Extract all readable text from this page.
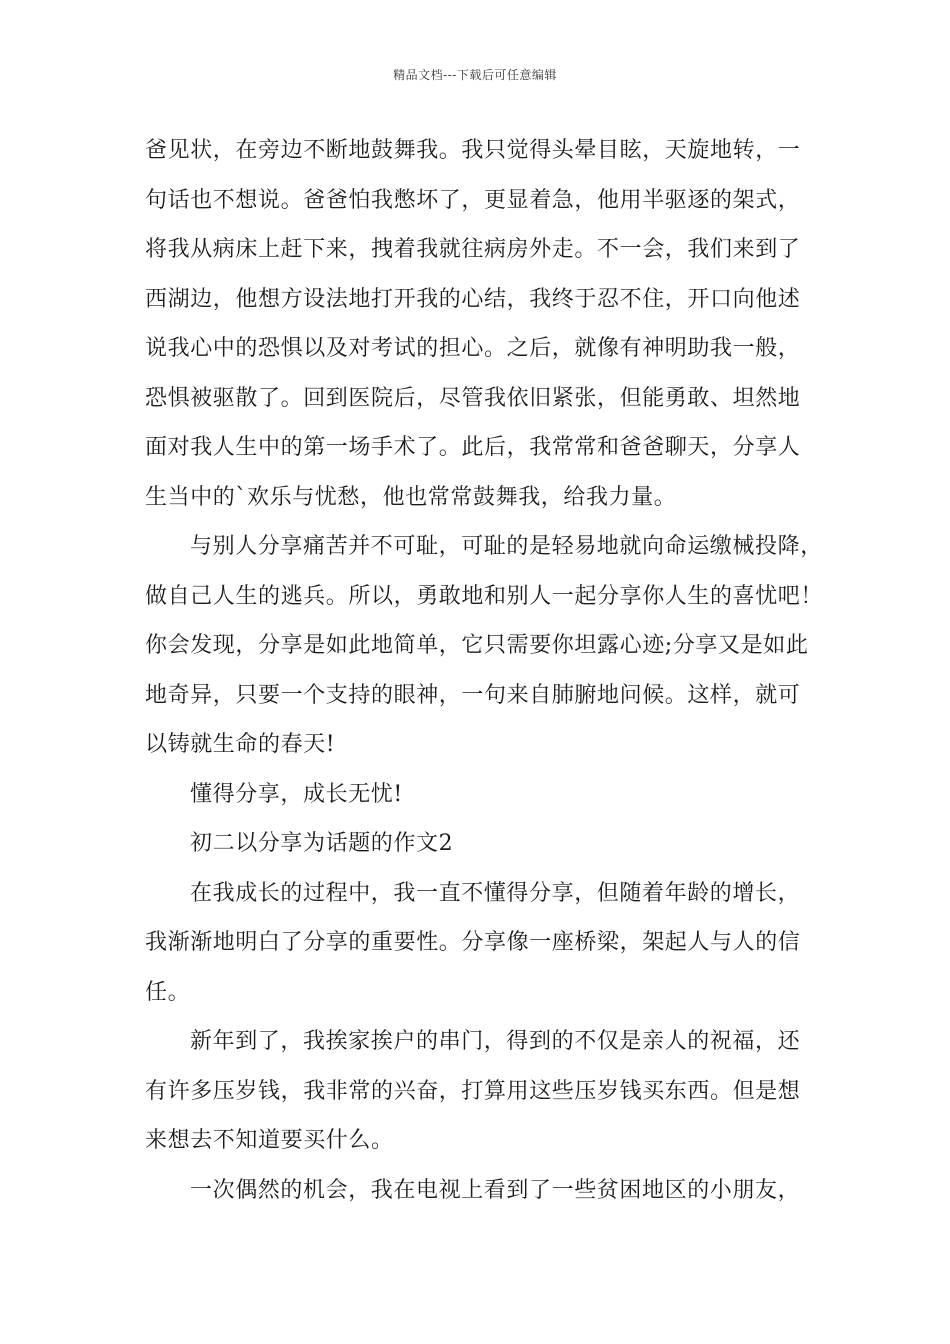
精品文档---下载后可任意编辑
爸见状，在旁边不断地鼓舞我。我只觉得头晕目眩，天旋地转，一
句话也不想说。爸爸怕我憋坏了，更显着急，他用半驱逐的架式，
将我从病床上赶下来，拽着我就往病房外走。不一会，我们来到了
西湖边，他想方设法地打开我的心结，我终于忍不住，开口向他述
说我心中的恐惧以及对考试的担心。之后，就像有神明助我一般，
恐惧被驱散了。回到医院后，尽管我依旧紧张，但能勇敢、坦然地
面对我人生中的第一场手术了。此后，我常常和爸爸聊天，分享人
生当中的`欢乐与忧愁，他也常常鼓舞我，给我力量。
与别人分享痛苦并不可耻，可耻的是轻易地就向命运缴械投降，
做自己人生的逃兵。所以，勇敢地和别人一起分享你人生的喜忧吧！
你会发现，分享是如此地简单，它只需要你坦露心迹;分享又是如此
地奇异，只要一个支持的眼神，一句来自肺腑地问候。这样，就可
以铸就生命的春天!
懂得分享，成长无忧!
初二以分享为话题的作文2
在我成长的过程中，我一直不懂得分享，但随着年龄的增长，
我渐渐地明白了分享的重要性。分享像一座桥梁，架起人与人的信
任。
新年到了，我挨家挨户的串门，得到的不仅是亲人的祝福，还
有许多压岁钱，我非常的兴奋，打算用这些压岁钱买东西。但是想
来想去不知道要买什么。
一次偶然的机会，我在电视上看到了一些贫困地区的小朋友，
